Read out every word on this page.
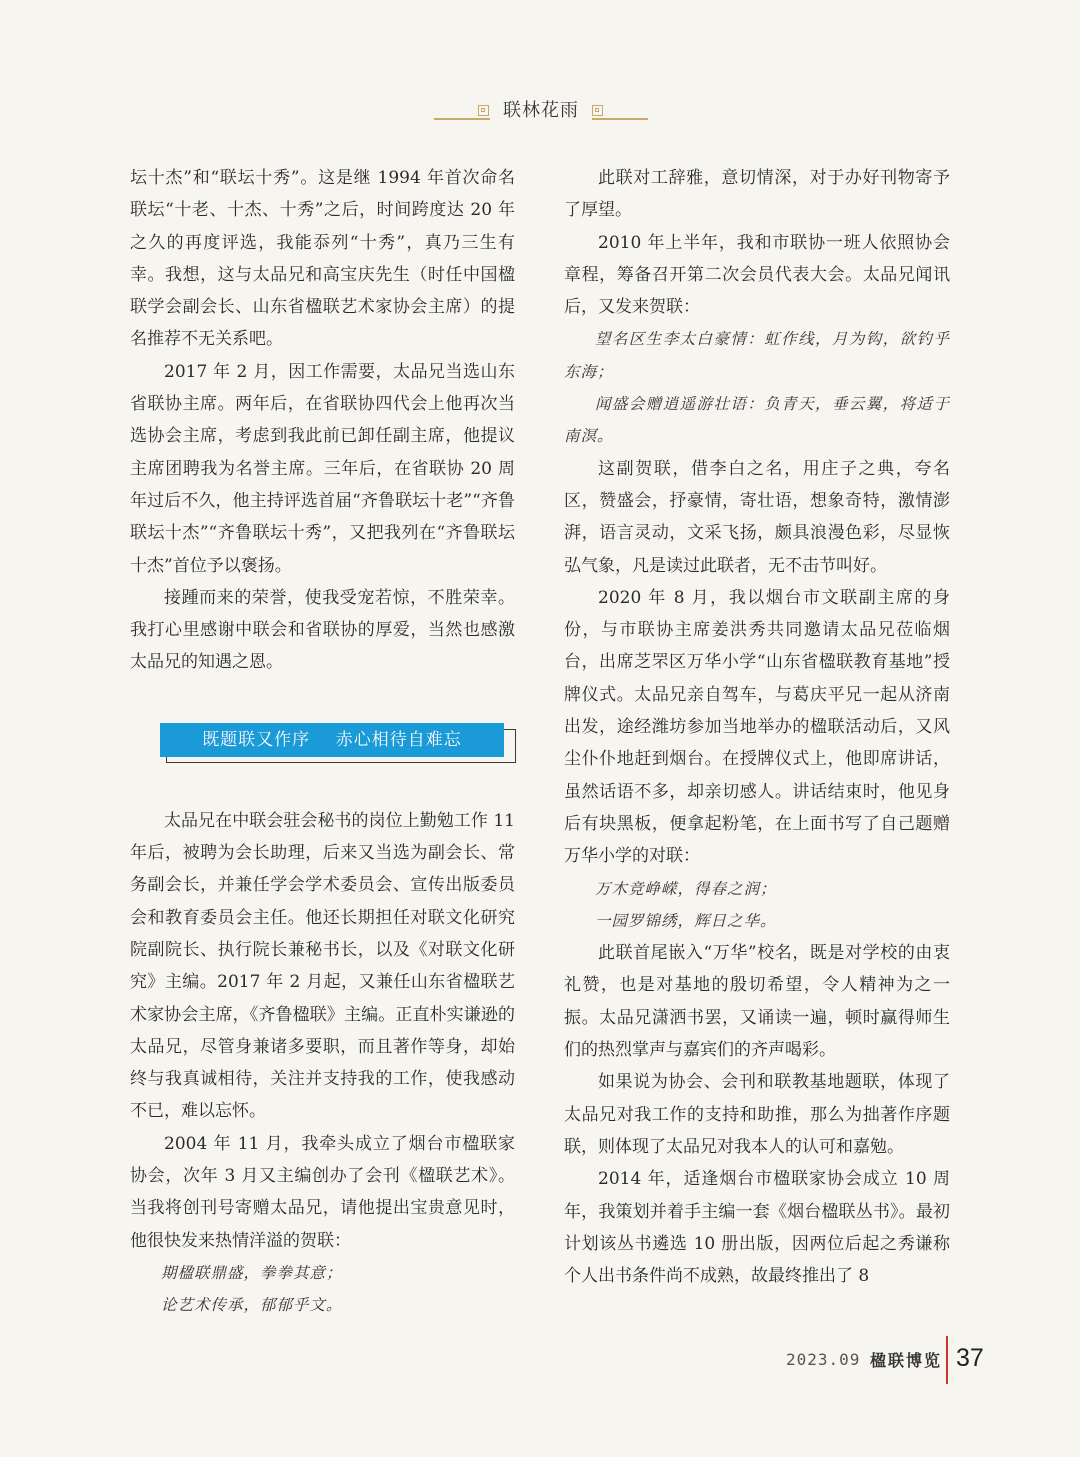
联林花雨

坛十杰”和“联坛十秀”。这是继 1994 年首次命名联坛“十老、十杰、十秀”之后，时间跨度达 20 年之久的再度评选，我能忝列“十秀”，真乃三生有幸。我想，这与太品兄和高宝庆先生（时任中国楹联学会副会长、山东省楹联艺术家协会主席）的提名推荐不无关系吧。

2017 年 2 月，因工作需要，太品兄当选山东省联协主席。两年后，在省联协四代会上他再次当选协会主席，考虑到我此前已卸任副主席，他提议主席团聘我为名誉主席。三年后，在省联协 20 周年过后不久，他主持评选首届“齐鲁联坛十老”“齐鲁联坛十杰”“齐鲁联坛十秀”，又把我列在“齐鲁联坛十杰”首位予以褒扬。

接踵而来的荣誉，使我受宠若惊，不胜荣幸。我打心里感谢中联会和省联协的厚爱，当然也感激太品兄的知遇之恩。

既题联又作序    赤心相待自难忘

太品兄在中联会驻会秘书的岗位上勤勉工作 11 年后，被聘为会长助理，后来又当选为副会长、常务副会长，并兼任学会学术委员会、宣传出版委员会和教育委员会主任。他还长期担任对联文化研究院副院长、执行院长兼秘书长，以及《对联文化研究》主编。2017 年 2 月起，又兼任山东省楹联艺术家协会主席，《齐鲁楹联》主编。正直朴实谦逊的太品兄，尽管身兼诸多要职，而且著作等身，却始终与我真诚相待，关注并支持我的工作，使我感动不已，难以忘怀。

2004 年 11 月，我牵头成立了烟台市楹联家协会，次年 3 月又主编创办了会刊《楹联艺术》。当我将创刊号寄赠太品兄，请他提出宝贵意见时，他很快发来热情洋溢的贺联：

期楹联鼎盛，拳拳其意；

论艺术传承，郁郁乎文。

此联对工辞雅，意切情深，对于办好刊物寄予了厚望。

2010 年上半年，我和市联协一班人依照协会章程，筹备召开第二次会员代表大会。太品兄闻讯后，又发来贺联：

望名区生李太白豪情：虹作线，月为钩，欲钓乎东海；

闻盛会赠逍遥游壮语：负青天，垂云翼，将适于南溟。

这副贺联，借李白之名，用庄子之典，夸名区，赞盛会，抒豪情，寄壮语，想象奇特，激情澎湃，语言灵动，文采飞扬，颇具浪漫色彩，尽显恢弘气象，凡是读过此联者，无不击节叫好。

2020 年 8 月，我以烟台市文联副主席的身份，与市联协主席姜洪秀共同邀请太品兄莅临烟台，出席芝罘区万华小学“山东省楹联教育基地”授牌仪式。太品兄亲自驾车，与葛庆平兄一起从济南出发，途经潍坊参加当地举办的楹联活动后，又风尘仆仆地赶到烟台。在授牌仪式上，他即席讲话，虽然话语不多，却亲切感人。讲话结束时，他见身后有块黑板，便拿起粉笔，在上面书写了自己题赠万华小学的对联：

万木竞峥嵘，得春之润；

一园罗锦绣，辉日之华。

此联首尾嵌入“万华”校名，既是对学校的由衷礼赞，也是对基地的殷切希望，令人精神为之一振。太品兄潇洒书罢，又诵读一遍，顿时赢得师生们的热烈掌声与嘉宾们的齐声喝彩。

如果说为协会、会刊和联教基地题联，体现了太品兄对我工作的支持和助推，那么为拙著作序题联，则体现了太品兄对我本人的认可和嘉勉。

2014 年，适逢烟台市楹联家协会成立 10 周年，我策划并着手主编一套《烟台楹联丛书》。最初计划该丛书遴选 10 册出版，因两位后起之秀谦称个人出书条件尚不成熟，故最终推出了 8

2023.09 楹联博览 37
